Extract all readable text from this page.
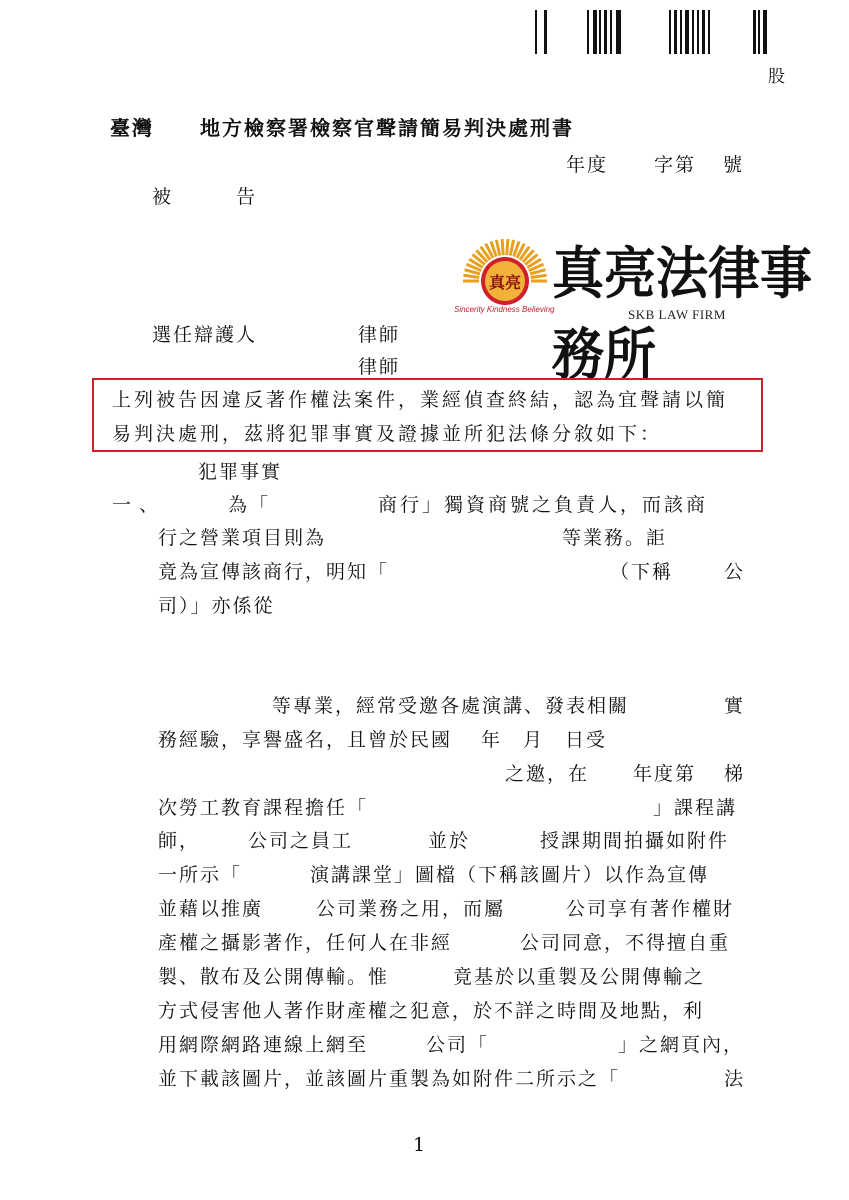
股
臺灣 地方檢察署檢察官聲請簡易判決處刑書
年度 字第 號
被　　　告
選任辯護人	律師
律師
真亮
Sincerity Kindness Believing
真亮法律事務所
SKB LAW FIRM
上列被告因違反著作權法案件，業經偵查終結，認為宜聲請以簡
易判決處刑，茲將犯罪事實及證據並所犯法條分敘如下：
犯罪事實
一、	為「	商行」獨資商號之負責人，而該商
行之營業項目則為	等業務。詎
竟為宣傳該商行，明知「	（下稱	公
司）」亦係從
等專業，經常受邀各處演講、發表相關	實
務經驗，享譽盛名，且曾於民國　 年　月　日受
之邀，在 年度第 梯
次勞工教育課程擔任「	」課程講
師，	公司之員工	並於	授課期間拍攝如附件
一所示「	演講課堂」圖檔（下稱該圖片）以作為宣傳
並藉以推廣	公司業務之用，而屬	公司享有著作權財
產權之攝影著作，任何人在非經	公司同意，不得擅自重
製、散布及公開傳輸。惟	竟基於以重製及公開傳輸之
方式侵害他人著作財產權之犯意，於不詳之時間及地點，利
用網際網路連線上網至	公司「	」之網頁內，
並下載該圖片，並該圖片重製為如附件二所示之「	法
1
